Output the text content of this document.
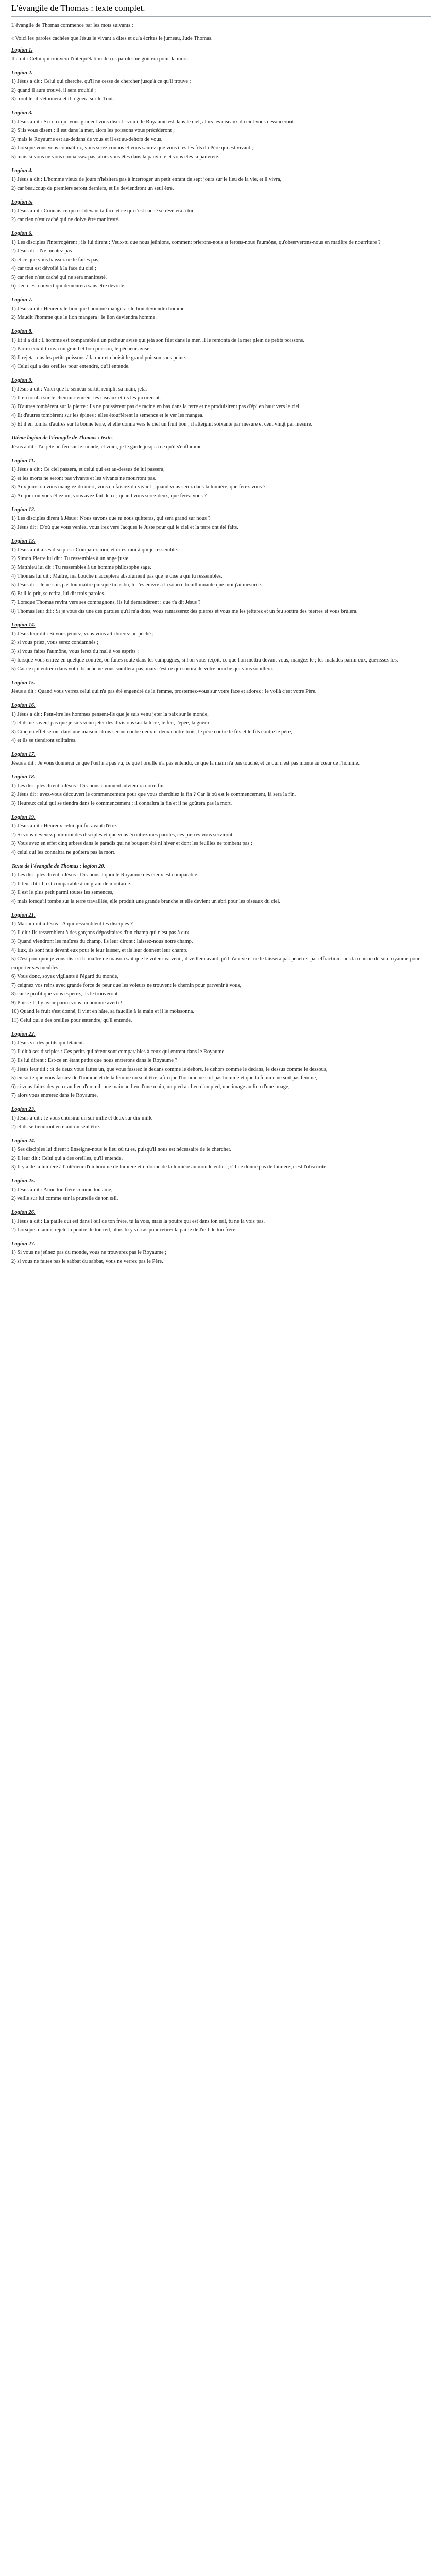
L'évangile de Thomas : texte complet.

L'évangile de Thomas commence par les mots suivants :

« Voici les paroles cachées que Jésus le vivant a dites et qu'a écrites le jumeau, Jude Thomas.

Logion 1.

Il a dit : Celui qui trouvera l'interprétation de ces paroles ne goûtera point la mort.

Logion 2.

1) Jésus a dit : Celui qui cherche, qu'il ne cesse de chercher jusqu'à ce qu'il trouve ;

2) quand il aura trouvé, il sera troublé ;

3) troublé, il s'étonnera et il régnera sur le Tout.

Logion 3.

1) Jésus a dit : Si ceux qui vous guident vous disent : voici, le Royaume est dans le ciel, alors les oiseaux du ciel vous devanceront.

2) S'ils vous disent : il est dans la mer, alors les poissons vous précéderont ;

3) mais le Royaume est au-dedans de vous et il est au-dehors de vous.

4) Lorsque vous vous connaîtrez, vous serez connus et vous saurez que vous êtes les fils du Père qui est vivant ;

5) mais si vous ne vous connaissez pas, alors vous êtes dans la pauvreté et vous êtes la pauvreté.

Logion 4.

1) Jésus a dit : L'homme vieux de jours n'hésitera pas à interroger un petit enfant de sept jours sur le lieu de la vie, et il vivra,

2) car beaucoup de premiers seront derniers, et ils deviendront un seul être.

Logion 5.

1) Jésus a dit : Connais ce qui est devant ta face et ce qui t'est caché se révélera à toi,

2) car rien n'est caché qui ne doive être manifesté.

Logion 6.

1) Les disciples l'interrogèrent ; ils lui dirent : Veux-tu que nous jeûnions, comment prierons-nous et ferons-nous l'aumône, qu'observerons-nous en matière de nourriture ?

2) Jésus dit : Ne mentez pas

3) et ce que vous haïssez ne le faites pas,

4) car tout est dévoilé à la face du ciel ;

5) car rien n'est caché qui ne sera manifesté,

6) rien n'est couvert qui demeurera sans être dévoilé.

Logion 7.

1) Jésus a dit : Heureux le lion que l'homme mangera : le lion deviendra homme.

2) Maudit l'homme que le lion mangera : le lion deviendra homme.

Logion 8.

1) Et il a dit : L'homme est comparable à un pêcheur avisé qui jeta son filet dans la mer. Il le remonta de la mer plein de petits poissons.

2) Parmi eux il trouva un grand et bon poisson, le pêcheur avisé.

3) Il rejeta tous les petits poissons à la mer et choisit le grand poisson sans peine.

4) Celui qui a des oreilles pour entendre, qu'il entende.

Logion 9.

1) Jésus a dit : Voici que le semeur sortit, remplit sa main, jeta.

2) Il en tomba sur le chemin : vinrent les oiseaux et ils les picorèrent.

3) D'autres tombèrent sur la pierre : ils ne poussèrent pas de racine en bas dans la terre et ne produisirent pas d'épi en haut vers le ciel.

4) Et d'autres tombèrent sur les épines : elles étouffèrent la semence et le ver les mangea.

5) Et il en tomba d'autres sur la bonne terre, et elle donna vers le ciel un fruit bon ; il atteignit soixante par mesure et cent vingt par mesure.

10ème logion de l'évangile de Thomas : texte.

Jésus a dit : J'ai jeté un feu sur le monde, et voici, je le garde jusqu'à ce qu'il s'enflamme.

Logion 11.

1) Jésus a dit : Ce ciel passera, et celui qui est au-dessus de lui passera,

2) et les morts ne seront pas vivants et les vivants ne mourront pas.

3) Aux jours où vous mangiez du mort, vous en faisiez du vivant ; quand vous serez dans la lumière, que ferez-vous ?

4) Au jour où vous étiez un, vous avez fait deux ; quand vous serez deux, que ferez-vous ?

Logion 12.

1) Les disciples dirent à Jésus : Nous savons que tu nous quitteras, qui sera grand sur nous ?

2) Jésus dit : D'où que vous veniez, vous irez vers Jacques le Juste pour qui le ciel et la terre ont été faits.

Logion 13.

1) Jésus a dit à ses disciples : Comparez-moi, et dites-moi à qui je ressemble.

2) Simon Pierre lui dit : Tu ressembles à un ange juste.

3) Matthieu lui dit : Tu ressembles à un homme philosophe sage.

4) Thomas lui dit : Maître, ma bouche n'acceptera absolument pas que je dise à qui tu ressembles.

5) Jésus dit : Je ne suis pas ton maître puisque tu as bu, tu t'es enivré à la source bouillonnante que moi j'ai mesurée.

6) Et il le prit, se retira, lui dit trois paroles.

7) Lorsque Thomas revint vers ses compagnons, ils lui demandèrent : que t'a dit Jésus ?

8) Thomas leur dit : Si je vous dis une des paroles qu'il m'a dites, vous ramasserez des pierres et vous me les jetterez et un feu sortira des pierres et vous brûlera.

Logion 14.

1) Jésus leur dit : Si vous jeûnez, vous vous attribuerez un péché ;

2) si vous priez, vous serez condamnés ;

3) si vous faites l'aumône, vous ferez du mal à vos esprits ;

4) lorsque vous entrez en quelque contrée, ou faites route dans les campagnes, si l'on vous reçoit, ce que l'on mettra devant vous, mangez-le ; les malades parmi eux, guérissez-les.

5) Car ce qui entrera dans votre bouche ne vous souillera pas, mais c'est ce qui sortira de votre bouche qui vous souillera.

Logion 15.

Jésus a dit : Quand vous verrez celui qui n'a pas été engendré de la femme, prosternez-vous sur votre face et adorez : le voilà c'est votre Père.

Logion 16.

1) Jésus a dit : Peut-être les hommes pensent-ils que je suis venu jeter la paix sur le monde,

2) et ils ne savent pas que je suis venu jeter des divisions sur la terre, le feu, l'épée, la guerre.

3) Cinq en effet seront dans une maison : trois seront contre deux et deux contre trois, le père contre le fils et le fils contre le père,

4) et ils se tiendront solitaires.

Logion 17.

Jésus a dit : Je vous donnerai ce que l'œil n'a pas vu, ce que l'oreille n'a pas entendu, ce que la main n'a pas touché, et ce qui n'est pas monté au cœur de l'homme.

Logion 18.

1) Les disciples dirent à Jésus : Dis-nous comment adviendra notre fin.

2) Jésus dit : avez-vous découvert le commencement pour que vous cherchiez la fin ? Car là où est le commencement, là sera la fin.

3) Heureux celui qui se tiendra dans le commencement : il connaîtra la fin et il ne goûtera pas la mort.

Logion 19.

1) Jésus a dit : Heureux celui qui fut avant d'être.

2) Si vous devenez pour moi des disciples et que vous écoutiez mes paroles, ces pierres vous serviront.

3) Vous avez en effet cinq arbres dans le paradis qui ne bougent été ni hiver et dont les feuilles ne tombent pas :

4) celui qui les connaîtra ne goûtera pas la mort.

Texte de l'évangile de Thomas : logion 20.

1) Les disciples dirent à Jésus : Dis-nous à quoi le Royaume des cieux est comparable.

2) Il leur dit : Il est comparable à un grain de moutarde.

3) Il est le plus petit parmi toutes les semences,

4) mais lorsqu'il tombe sur la terre travaillée, elle produit une grande branche et elle devient un abri pour les oiseaux du ciel.

Logion 21.

1) Mariam dit à Jésus : À qui ressemblent tes disciples ?

2) Il dit : Ils ressemblent à des garçons dépositaires d'un champ qui n'est pas à eux.

3) Quand viendront les maîtres du champ, ils leur diront : laissez-nous notre champ.

4) Eux, ils sont nus devant eux pour le leur laisser, et ils leur donnent leur champ.

5) C'est pourquoi je vous dis : si le maître de maison sait que le voleur va venir, il veillera avant qu'il n'arrive et ne le laissera pas pénétrer par effraction dans la maison de son royaume pour emporter ses meubles.

6) Vous donc, soyez vigilants à l'égard du monde,

7) ceignez vos reins avec grande force de peur que les voleurs ne trouvent le chemin pour parvenir à vous,

8) car le profit que vous espérez, ils le trouveront.

9) Puisse-t-il y avoir parmi vous un homme averti !

10) Quand le fruit s'est donné, il vint en hâte, sa faucille à la main et il le moissonna.

11) Celui qui a des oreilles pour entendre, qu'il entende.

Logion 22.

1) Jésus vit des petits qui tétaient.

2) Il dit à ses disciples : Ces petits qui tètent sont comparables à ceux qui entrent dans le Royaume.

3) Ils lui dirent : Est-ce en étant petits que nous entrerons dans le Royaume ?

4) Jésus leur dit : Si de deux vous faites un, que vous fassiez le dedans comme le dehors, le dehors comme le dedans, le dessus comme le dessous,

5) en sorte que vous fassiez de l'homme et de la femme un seul être, afin que l'homme ne soit pas homme et que la femme ne soit pas femme,

6) si vous faites des yeux au lieu d'un œil, une main au lieu d'une main, un pied au lieu d'un pied, une image au lieu d'une image,

7) alors vous entrerez dans le Royaume.

Logion 23.

1) Jésus a dit : Je vous choisirai un sur mille et deux sur dix mille

2) et ils se tiendront en étant un seul être.

Logion 24.

1) Ses disciples lui dirent : Enseigne-nous le lieu où tu es, puisqu'il nous est nécessaire de le chercher.

2) Il leur dit : Celui qui a des oreilles, qu'il entende.

3) Il y a de la lumière à l'intérieur d'un homme de lumière et il donne de la lumière au monde entier ; s'il ne donne pas de lumière, c'est l'obscurité.

Logion 25.

1) Jésus a dit : Aime ton frère comme ton âme,

2) veille sur lui comme sur la prunelle de ton œil.

Logion 26.

1) Jésus a dit : La paille qui est dans l'œil de ton frère, tu la vois, mais la poutre qui est dans ton œil, tu ne la vois pas.

2) Lorsque tu auras rejeté la poutre de ton œil, alors tu y verras pour retirer la paille de l'œil de ton frère.

Logion 27.

1) Si vous ne jeûnez pas du monde, vous ne trouverez pas le Royaume ;

2) si vous ne faites pas le sabbat du sabbat, vous ne verrez pas le Père.
